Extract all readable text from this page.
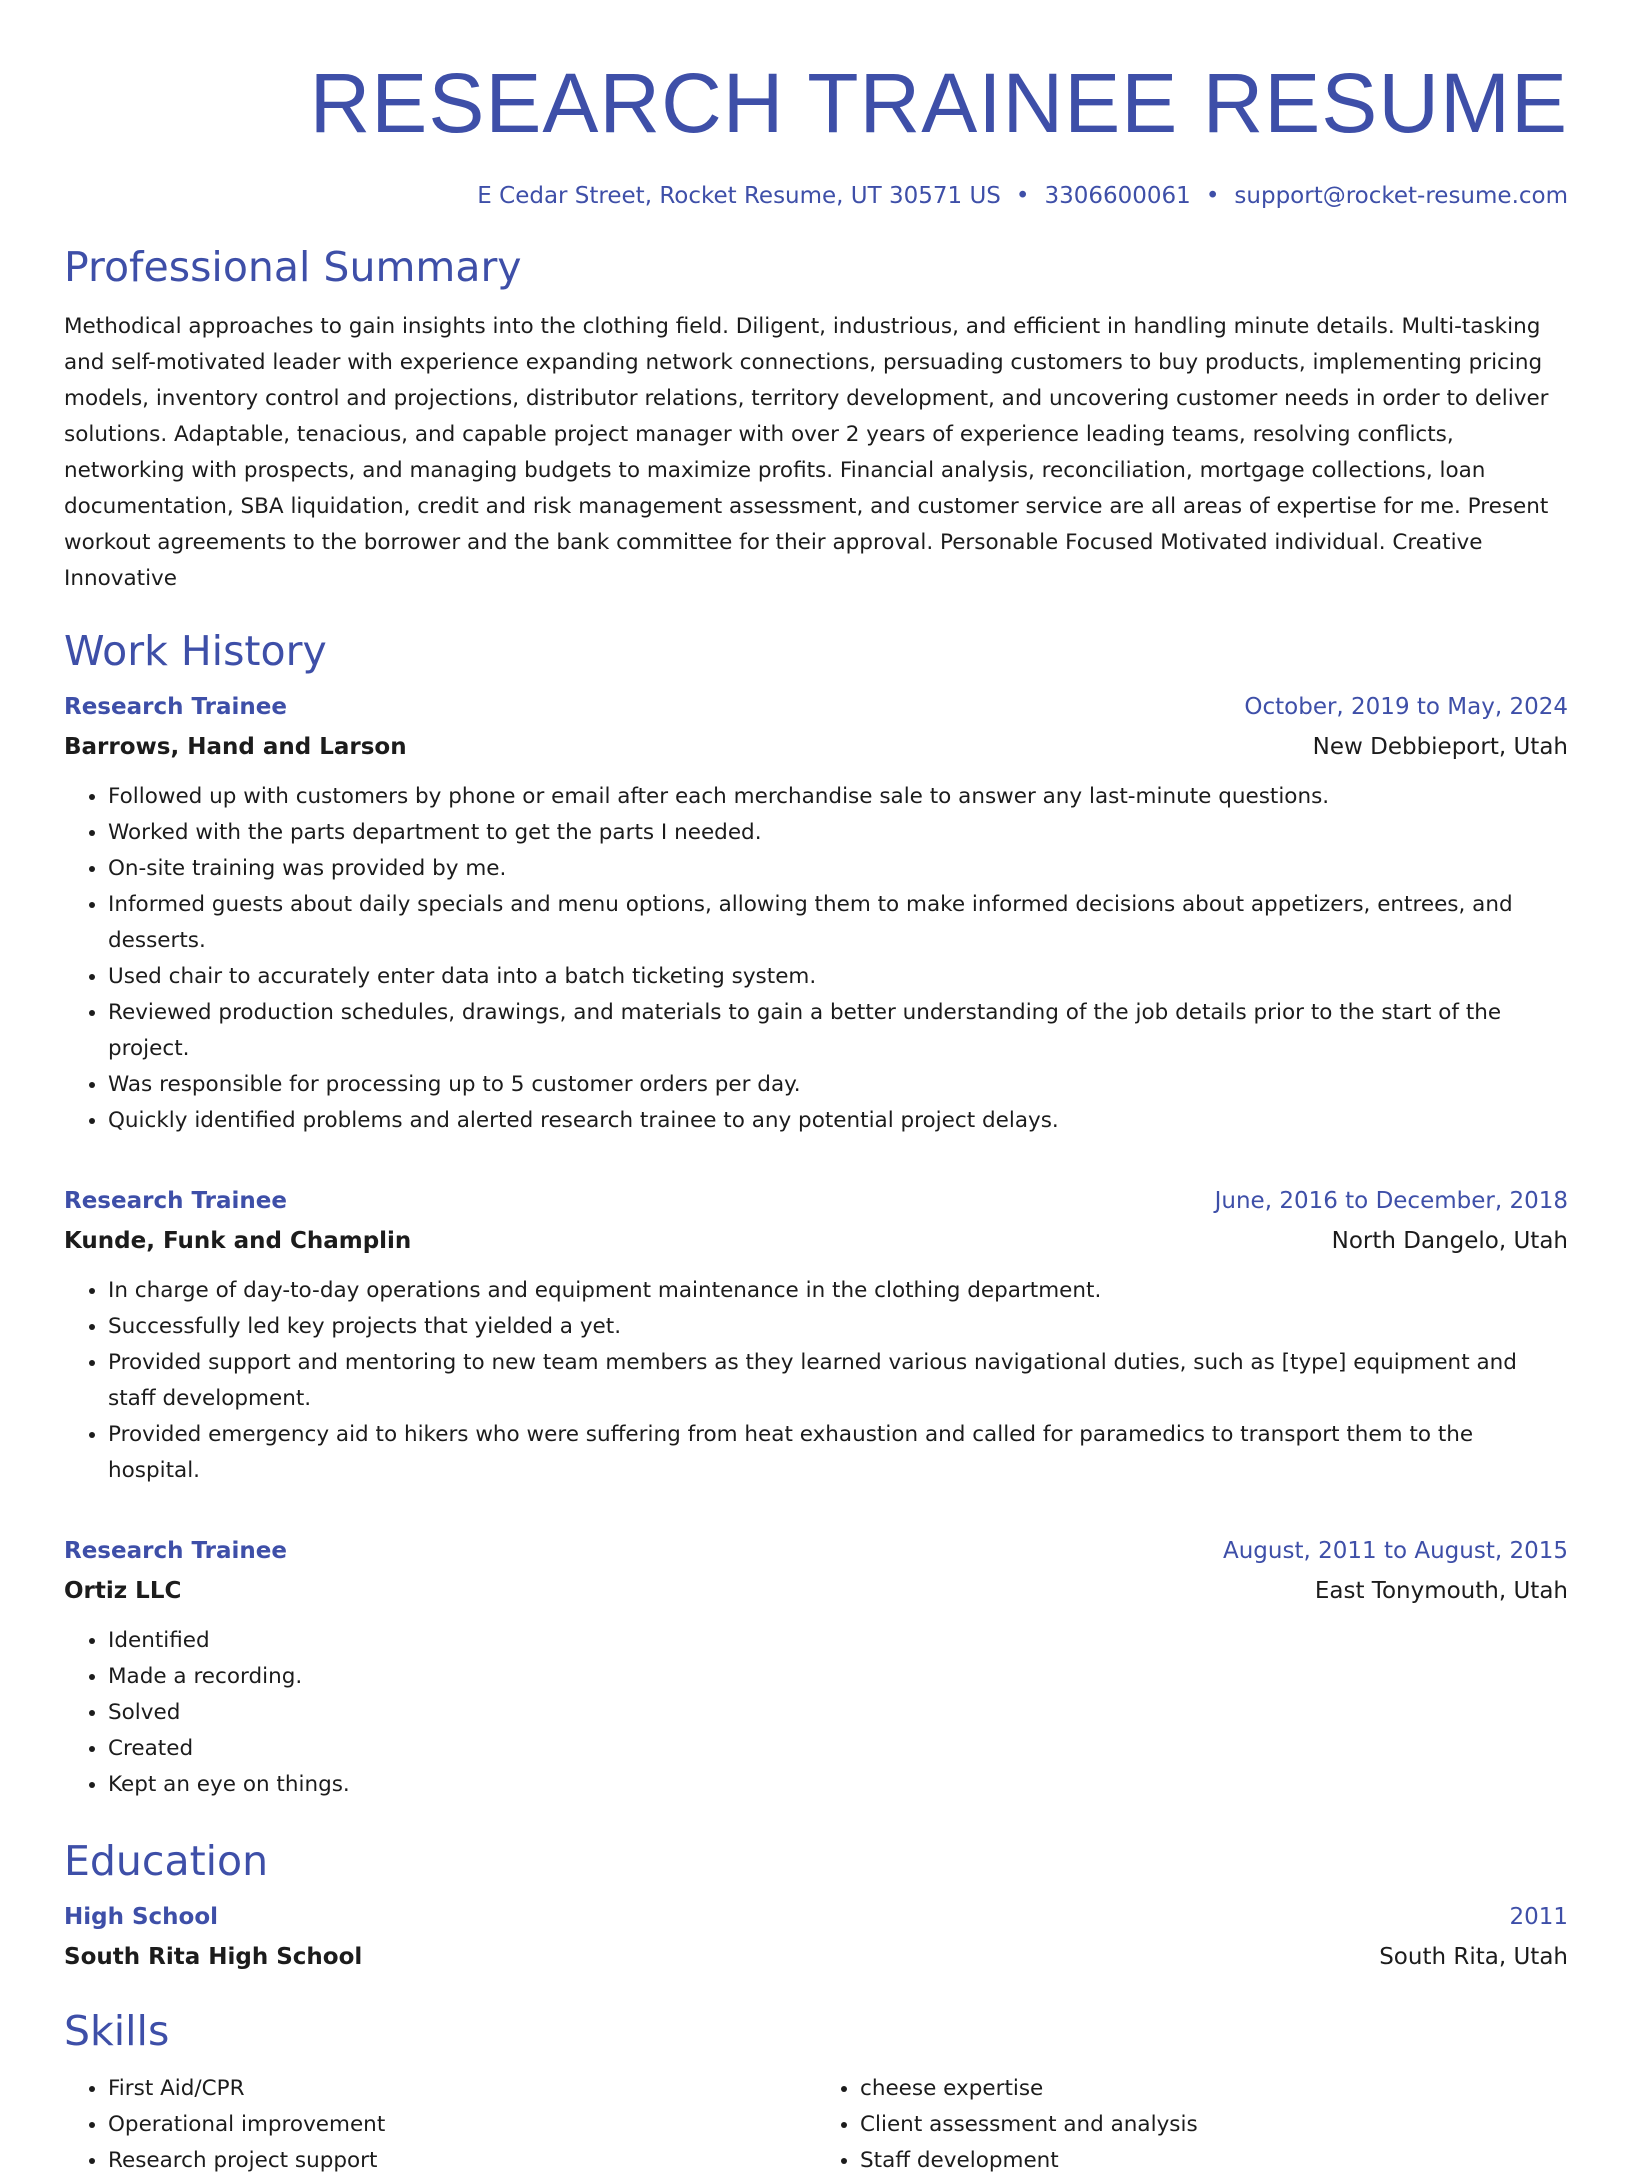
RESEARCH TRAINEE RESUME
E Cedar Street, Rocket Resume, UT 30571 US • 3306600061 • support@rocket-resume.com
Professional Summary
Methodical approaches to gain insights into the clothing field. Diligent, industrious, and efficient in handling minute details. Multi-tasking and self-motivated leader with experience expanding network connections, persuading customers to buy products, implementing pricing models, inventory control and projections, distributor relations, territory development, and uncovering customer needs in order to deliver solutions. Adaptable, tenacious, and capable project manager with over 2 years of experience leading teams, resolving conflicts, networking with prospects, and managing budgets to maximize profits. Financial analysis, reconciliation, mortgage collections, loan documentation, SBA liquidation, credit and risk management assessment, and customer service are all areas of expertise for me. Present workout agreements to the borrower and the bank committee for their approval. Personable Focused Motivated individual. Creative Innovative
Work History
Research Trainee	October, 2019 to May, 2024
Barrows, Hand and Larson	New Debbieport, Utah
• Followed up with customers by phone or email after each merchandise sale to answer any last-minute questions.
• Worked with the parts department to get the parts I needed.
• On-site training was provided by me.
• Informed guests about daily specials and menu options, allowing them to make informed decisions about appetizers, entrees, and desserts.
• Used chair to accurately enter data into a batch ticketing system.
• Reviewed production schedules, drawings, and materials to gain a better understanding of the job details prior to the start of the project.
• Was responsible for processing up to 5 customer orders per day.
• Quickly identified problems and alerted research trainee to any potential project delays.
Research Trainee	June, 2016 to December, 2018
Kunde, Funk and Champlin	North Dangelo, Utah
• In charge of day-to-day operations and equipment maintenance in the clothing department.
• Successfully led key projects that yielded a yet.
• Provided support and mentoring to new team members as they learned various navigational duties, such as [type] equipment and staff development.
• Provided emergency aid to hikers who were suffering from heat exhaustion and called for paramedics to transport them to the hospital.
Research Trainee	August, 2011 to August, 2015
Ortiz LLC	East Tonymouth, Utah
• Identified
• Made a recording.
• Solved
• Created
• Kept an eye on things.
Education
High School	2011
South Rita High School	South Rita, Utah
Skills
• First Aid/CPR
• Operational improvement
• Research project support
• cheese expertise
• Client assessment and analysis
• Staff development
